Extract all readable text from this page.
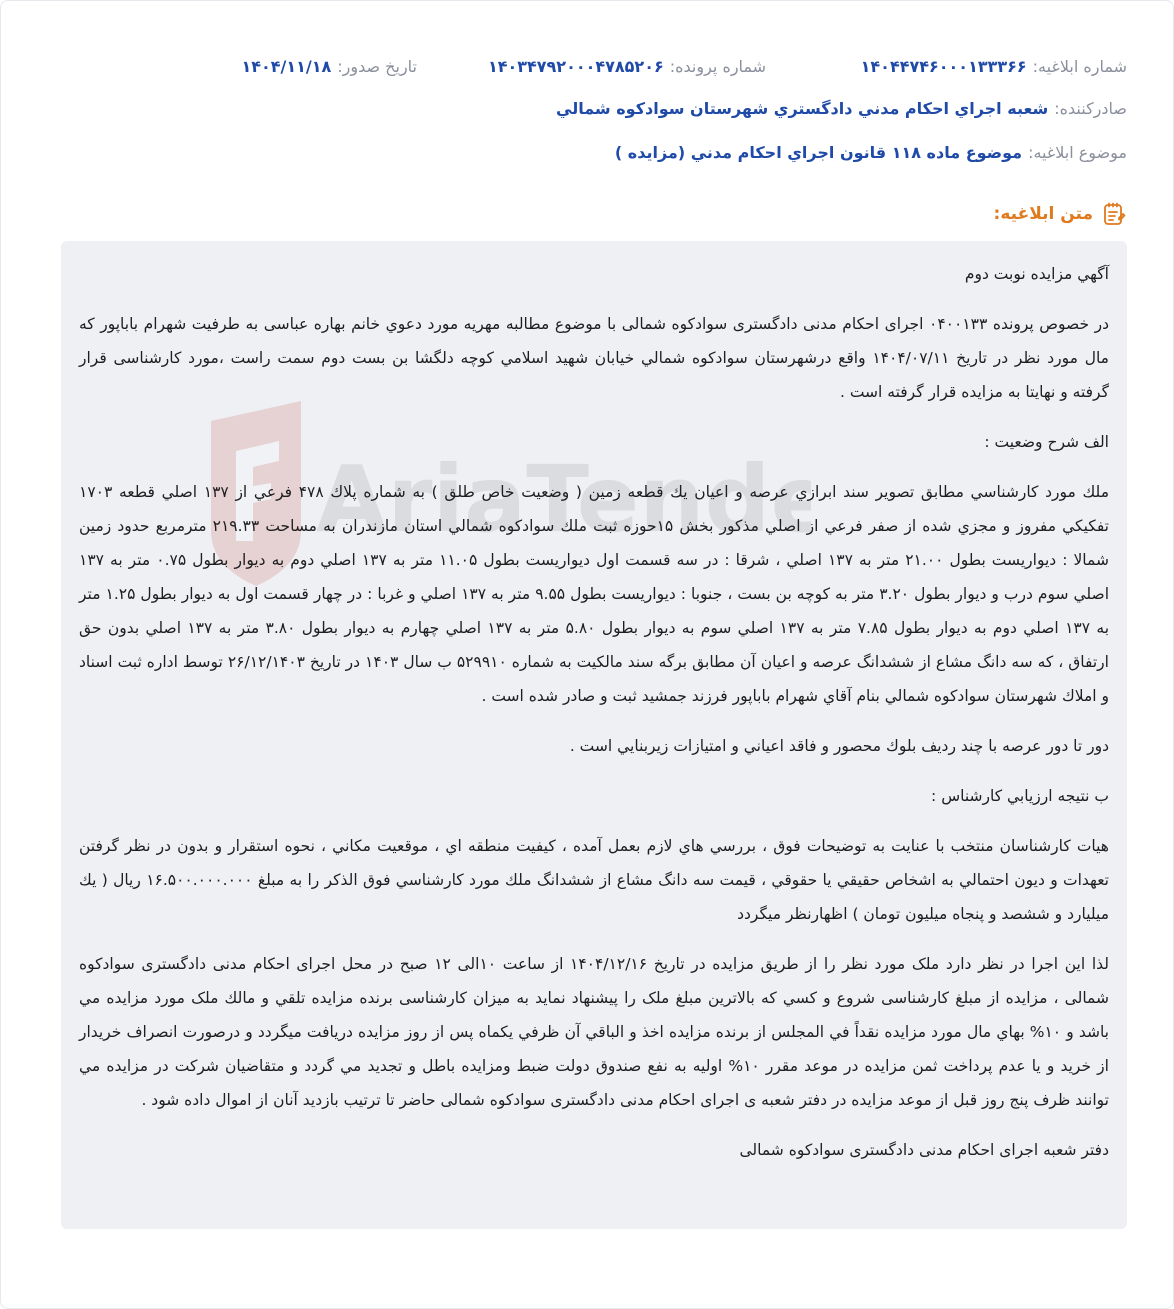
شماره ابلاغيه:
۱۴۰۴۴۷۴۶۰۰۰۱۳۳۳۶۶
شماره پرونده:
۱۴۰۳۴۷۹۲۰۰۰۴۷۸۵۲۰۶
تاريخ صدور:
۱۴۰۴/۱۱/۱۸
صادرکننده:
شعبه اجراي احکام مدني دادگستري شهرستان سوادکوه شمالي
موضوع ابلاغيه:
موضوع ماده ۱۱۸ قانون اجراي احکام مدني (مزايده )
متن ابلاغيه:
AriaTende

آگهي مزايده نوبت دوم

در خصوص پرونده ۰۴۰۰۱۳۳ اجرای احکام مدنی دادگستری سوادکوه شمالی با موضوع مطالبه مهریه مورد دعوي خانم بهاره عباسی به طرفيت شهرام باباپور که مال مورد نظر در تاريخ ۱۴۰۴/۰۷/۱۱ واقع درشهرستان سوادکوه شمالي خيابان شهيد اسلامي کوچه دلگشا بن بست دوم سمت راست ،مورد کارشناسی قرار گرفته و نهایتا به مزایده قرار گرفته است .

الف شرح وضعيت :

ملك مورد کارشناسي مطابق تصوير سند ابرازي عرصه و اعيان يك قطعه زمين ( وضعيت خاص طلق ) به شماره پلاك ۴۷۸ فرعي از ۱۳۷ اصلي قطعه ۱۷۰۳ تفکيکي مفروز و مجزي شده از صفر فرعي از اصلي مذکور بخش ۱۵حوزه ثبت ملك سوادکوه شمالي استان مازندران به مساحت ۲۱۹.۳۳ مترمربع حدود زمين شمالا : ديواريست بطول ۲۱.۰۰ متر به ۱۳۷ اصلي ، شرقا : در سه قسمت اول ديواريست بطول ۱۱.۰۵ متر به ۱۳۷ اصلي دوم به ديوار بطول ۰.۷۵ متر به ۱۳۷ اصلي سوم درب و ديوار بطول ۳.۲۰ متر به کوچه بن بست ، جنوبا : ديواريست بطول ۹.۵۵ متر به ۱۳۷ اصلي و غربا : در چهار قسمت اول به ديوار بطول ۱.۲۵ متر به ۱۳۷ اصلي دوم به ديوار بطول ۷.۸۵ متر به ۱۳۷ اصلي سوم به ديوار بطول ۵.۸۰ متر به ۱۳۷ اصلي چهارم به ديوار بطول ۳.۸۰ متر به ۱۳۷ اصلي بدون حق ارتفاق ، که سه دانگ مشاع از ششدانگ عرصه و اعيان آن مطابق برگه سند مالکيت به شماره ۵۲۹۹۱۰ ب سال ۱۴۰۳ در تاريخ ۲۶/۱۲/۱۴۰۳ توسط اداره ثبت اسناد و املاك شهرستان سوادکوه شمالي بنام آقاي شهرام باباپور فرزند جمشيد ثبت و صادر شده است .

دور تا دور عرصه با چند رديف بلوك محصور و فاقد اعياني و امتيازات زيربنايي است .

ب نتيجه ارزيابي کارشناس :

هيات کارشناسان منتخب با عنايت به توضيحات فوق ، بررسي هاي لازم بعمل آمده ، کيفيت منطقه اي ، موقعيت مکاني ، نحوه استقرار و بدون در نظر گرفتن تعهدات و ديون احتمالي به اشخاص حقيقي يا حقوقي ، قيمت سه دانگ مشاع از ششدانگ ملك مورد کارشناسي فوق الذکر را به مبلغ ۱۶.۵۰۰.۰۰۰.۰۰۰ ريال ( يك ميليارد و ششصد و پنجاه ميليون تومان ) اظهارنظر ميگردد

لذا این اجرا در نظر دارد ملک مورد نظر را از طریق مزایده در تاریخ ۱۴۰۴/۱۲/۱۶ از ساعت ۱۰الی ۱۲ صبح در محل اجرای احکام مدنی دادگستری سوادکوه شمالی ، مزایده از مبلغ کارشناسی شروع و کسي که بالاترين مبلغ ملک را پيشنهاد نمايد به ميزان کارشناسی برنده مزايده تلقي و مالك ملک مورد مزايده مي باشد و ۱۰% بهاي مال مورد مزايده نقداً في المجلس از برنده مزايده اخذ و الباقي آن ظرفي يکماه پس از روز مزايده دريافت ميگردد و درصورت انصراف خريدار از خريد و يا عدم پرداخت ثمن مزايده در موعد مقرر ۱۰% اوليه به نفع صندوق دولت ضبط ومزايده باطل و تجديد مي گردد و متقاضيان شرکت در مزايده مي توانند ظرف پنج روز قبل از موعد مزايده در دفتر شعبه ی اجرای احکام مدنی دادگستری سوادکوه شمالی حاضر تا ترتيب بازديد آنان از اموال داده شود .

دفتر شعبه اجرای احکام مدنی دادگستری سوادکوه شمالی
